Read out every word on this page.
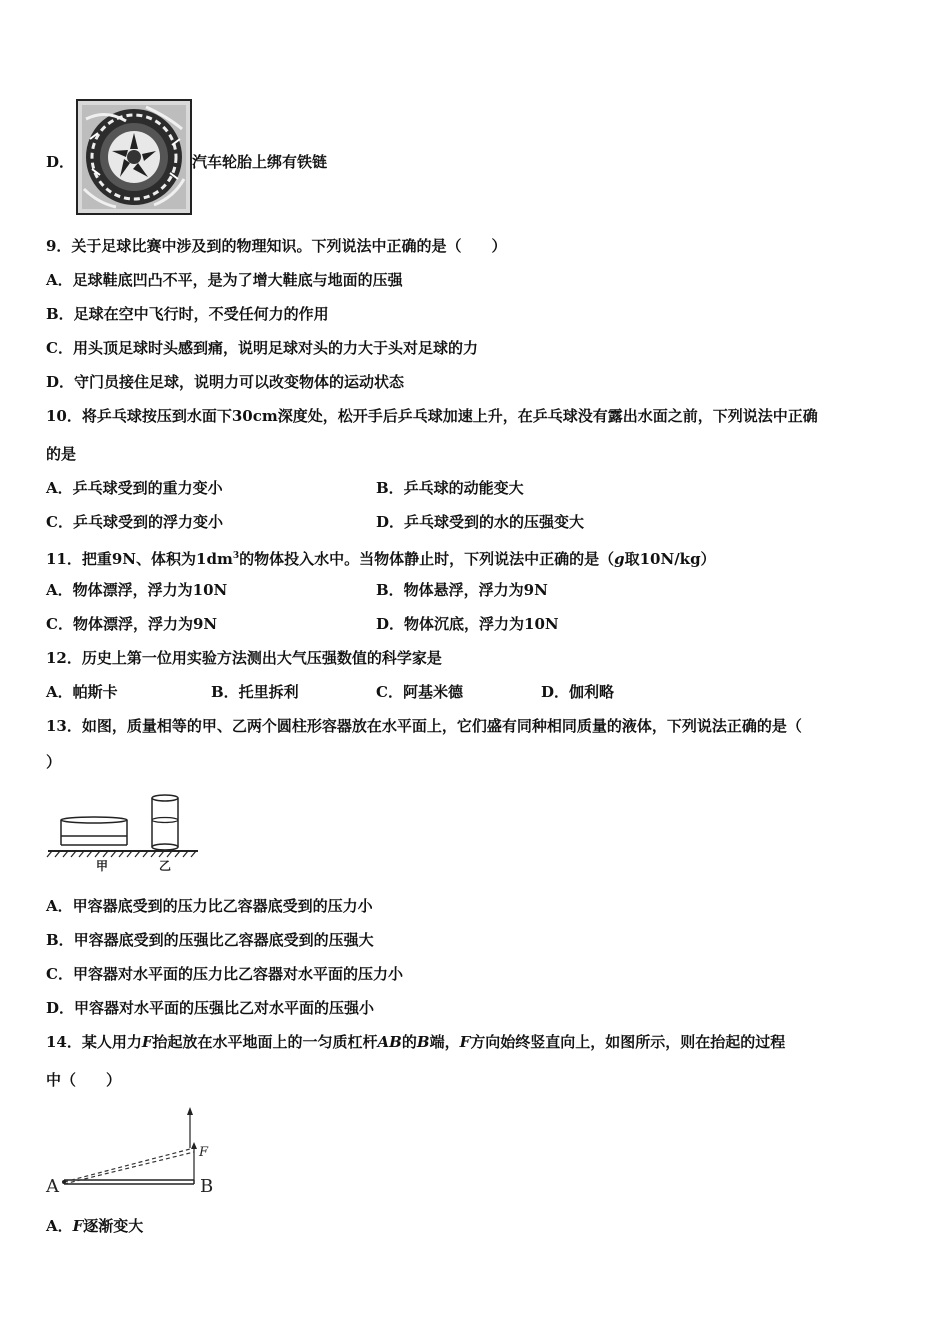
D．	汽车轮胎上绑有铁链
9．关于足球比赛中涉及到的物理知识。下列说法中正确的是（　　）
A．足球鞋底凹凸不平，是为了增大鞋底与地面的压强
B．足球在空中飞行时，不受任何力的作用
C．用头顶足球时头感到痛，说明足球对头的力大于头对足球的力
D．守门员接住足球，说明力可以改变物体的运动状态
10．将乒乓球按压到水面下30cm深度处，松开手后乒乓球加速上升，在乒乓球没有露出水面之前，下列说法中正确
的是
A．乒乓球受到的重力变小	B．乒乓球的动能变大
C．乒乓球受到的浮力变小	D．乒乓球受到的水的压强变大
11．把重9N、体积为$1dm^3$的物体投入水中。当物体静止时，下列说法中正确的是（g取10N/kg）
A．物体漂浮，浮力为10N	B．物体悬浮，浮力为9N
C．物体漂浮，浮力为9N	D．物体沉底，浮力为10N
12．历史上第一位用实验方法测出大气压强数值的科学家是
A．帕斯卡	B．托里拆利	C．阿基米德	D．伽利略
13．如图，质量相等的甲、乙两个圆柱形容器放在水平面上，它们盛有同种相同质量的液体，下列说法正确的是（
）
甲	乙
A．甲容器底受到的压力比乙容器底受到的压力小
B．甲容器底受到的压强比乙容器底受到的压强大
C．甲容器对水平面的压力比乙容器对水平面的压力小
D．甲容器对水平面的压强比乙对水平面的压强小
14．某人用力F抬起放在水平地面上的一匀质杠杆AB的B端，F方向始终竖直向上，如图所示，则在抬起的过程
中（　　）
A	B
F
A．F逐渐变大
